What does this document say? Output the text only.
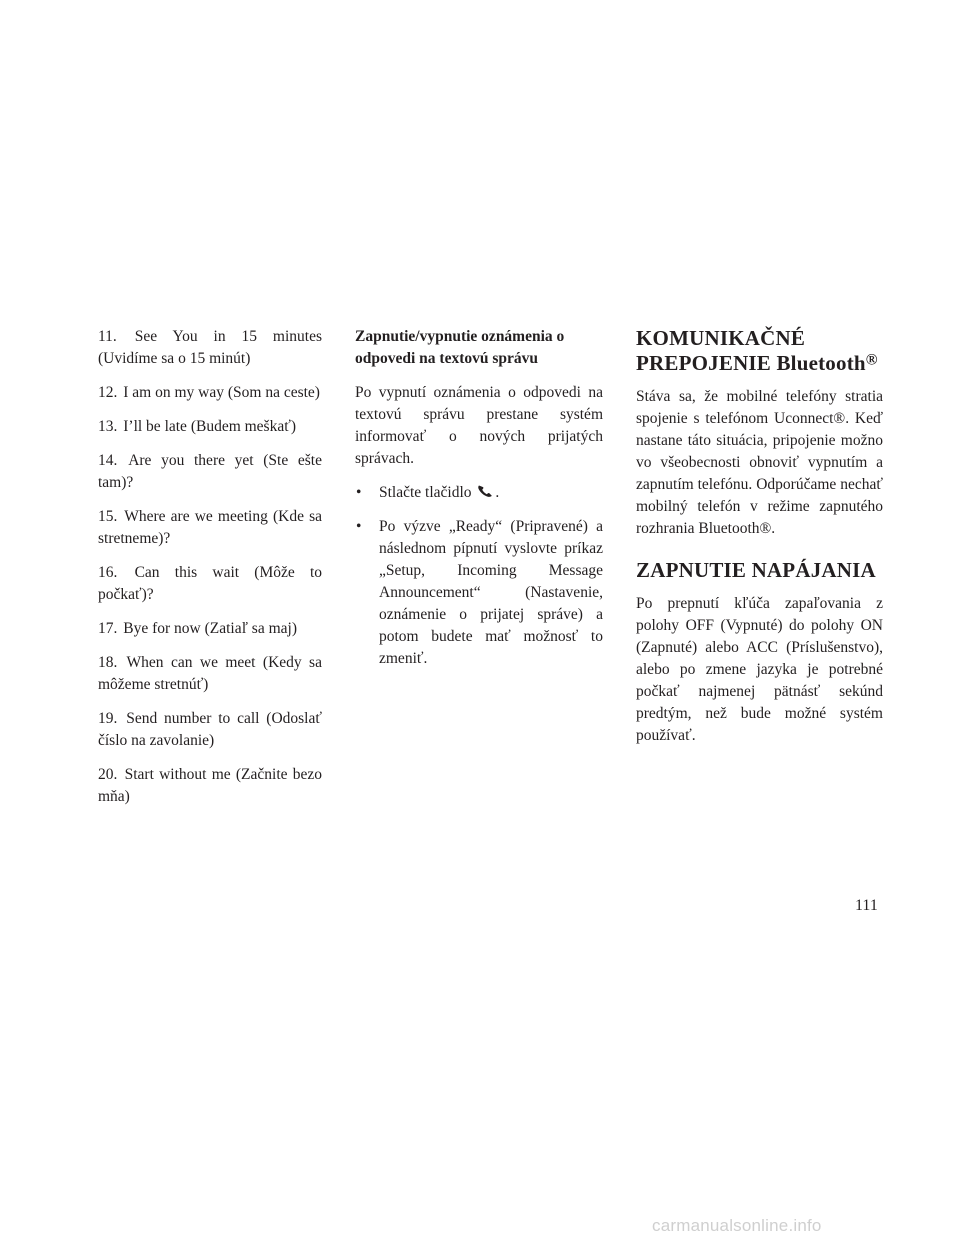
11. See You in 15 minutes (Uvidíme sa o 15 minút)

12. I am on my way (Som na ceste)

13. I’ll be late (Budem meškať)

14. Are you there yet (Ste ešte tam)?

15. Where are we meeting (Kde sa stretneme)?

16. Can this wait (Môže to počkať)?

17. Bye for now (Zatiaľ sa maj)

18. When can we meet (Kedy sa môžeme stretnúť)

19. Send number to call (Odoslať číslo na zavolanie)

20. Start without me (Začnite bezo mňa)

Zapnutie/vypnutie oznámenia o odpovedi na textovú správu

Po vypnutí oznámenia o odpovedi na textovú správu prestane systém informovať o nových prijatých správach.

• Stlačte tlačidlo .
• Po výzve „Ready“ (Pripravené) a následnom pípnutí vyslovte príkaz „Setup, Incoming Message Announcement“ (Nastavenie, oznámenie o prijatej správe) a potom budete mať možnosť to zmeniť.
KOMUNIKAČNÉ PREPOJENIE Bluetooth®

Stáva sa, že mobilné telefóny stratia spojenie s telefónom Uconnect®. Keď nastane táto situácia, pripojenie možno vo všeobecnosti obnoviť vypnutím a zapnutím telefónu. Odporúčame nechať mobilný telefón v režime zapnutého rozhrania Bluetooth®.

ZAPNUTIE NAPÁJANIA

Po prepnutí kľúča zapaľovania z polohy OFF (Vypnuté) do polohy ON (Zapnuté) alebo ACC (Príslušenstvo), alebo po zmene jazyka je potrebné počkať najmenej pätnásť sekúnd predtým, než bude možné systém používať.

111
carmanualsonline.info
